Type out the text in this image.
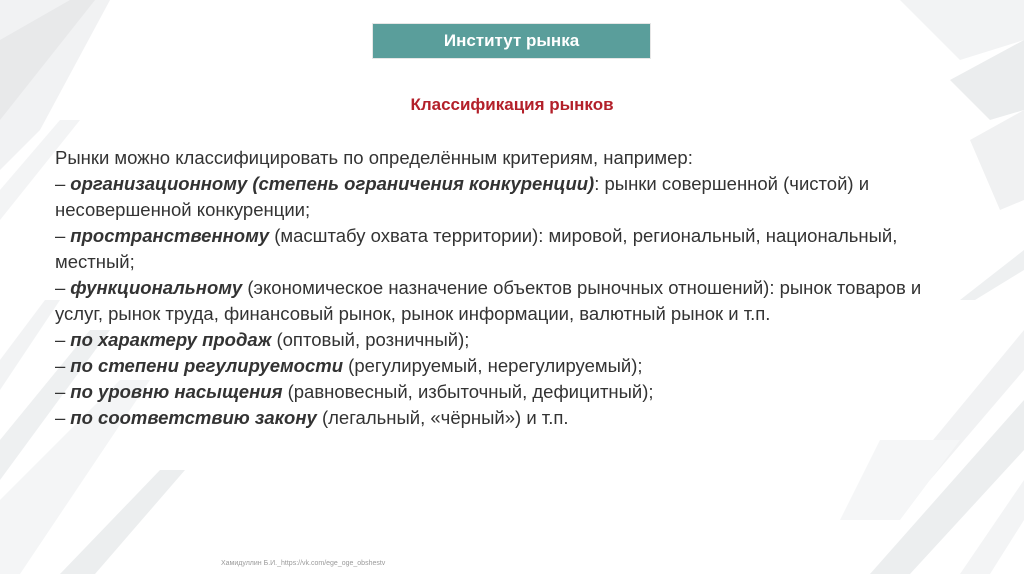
Институт рынка
Классификация рынков
Рынки можно классифицировать по определённым критериям, например:
– организационному (степень ограничения конкуренции): рынки совершенной (чистой) и
несовершенной конкуренции;
– пространственному (масштабу охвата территории): мировой, региональный, национальный,
местный;
– функциональному (экономическое назначение объектов рыночных отношений): рынок товаров и
услуг, рынок труда, финансовый рынок, рынок информации, валютный рынок и т.п.
– по характеру продаж (оптовый, розничный);
– по степени регулируемости (регулируемый, нерегулируемый);
– по уровню насыщения (равновесный, избыточный, дефицитный);
– по соответствию закону (легальный, «чёрный») и т.п.
Хамидуллин Б.И._https://vk.com/ege_oge_obshestv
